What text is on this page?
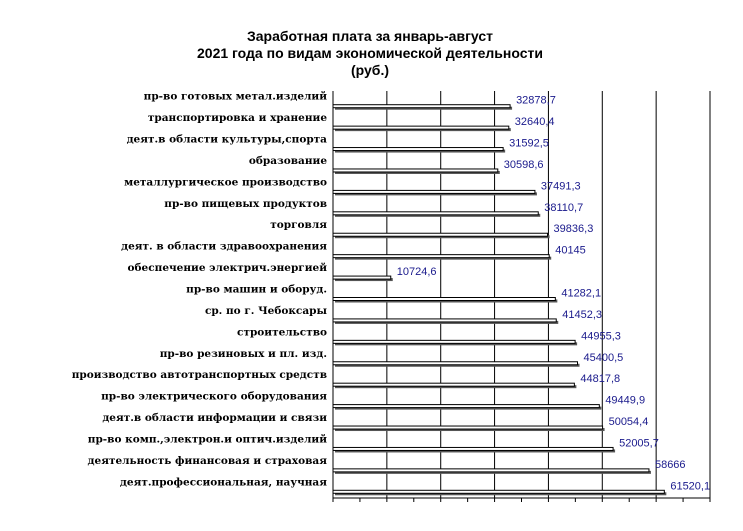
Заработная плата за январь-август
2021 года по видам экономической деятельности
(руб.)
пр-во готовых метал.изделий	32878,7
транспортировка и хранение	32640,4
деят.в области культуры,спорта	31592,5
образование	30598,6
металлургическое производство	37491,3
пр-во пищевых продуктов	38110,7
торговля	39836,3
деят. в области здравоохранения	40145
обеспечение электрич.энергией	10724,6
пр-во машин и оборуд.	41282,1
ср. по г. Чебоксары	41452,3
строительство	44955,3
пр-во резиновых и пл. изд.	45400,5
производство автотранспортных средств	44817,8
пр-во электрического оборудования	49449,9
деят.в области информации и связи	50054,4
пр-во комп.,электрон.и оптич.изделий	52005,7
деятельность финансовая и страховая	58666
деят.профессиональная, научная	61520,1
